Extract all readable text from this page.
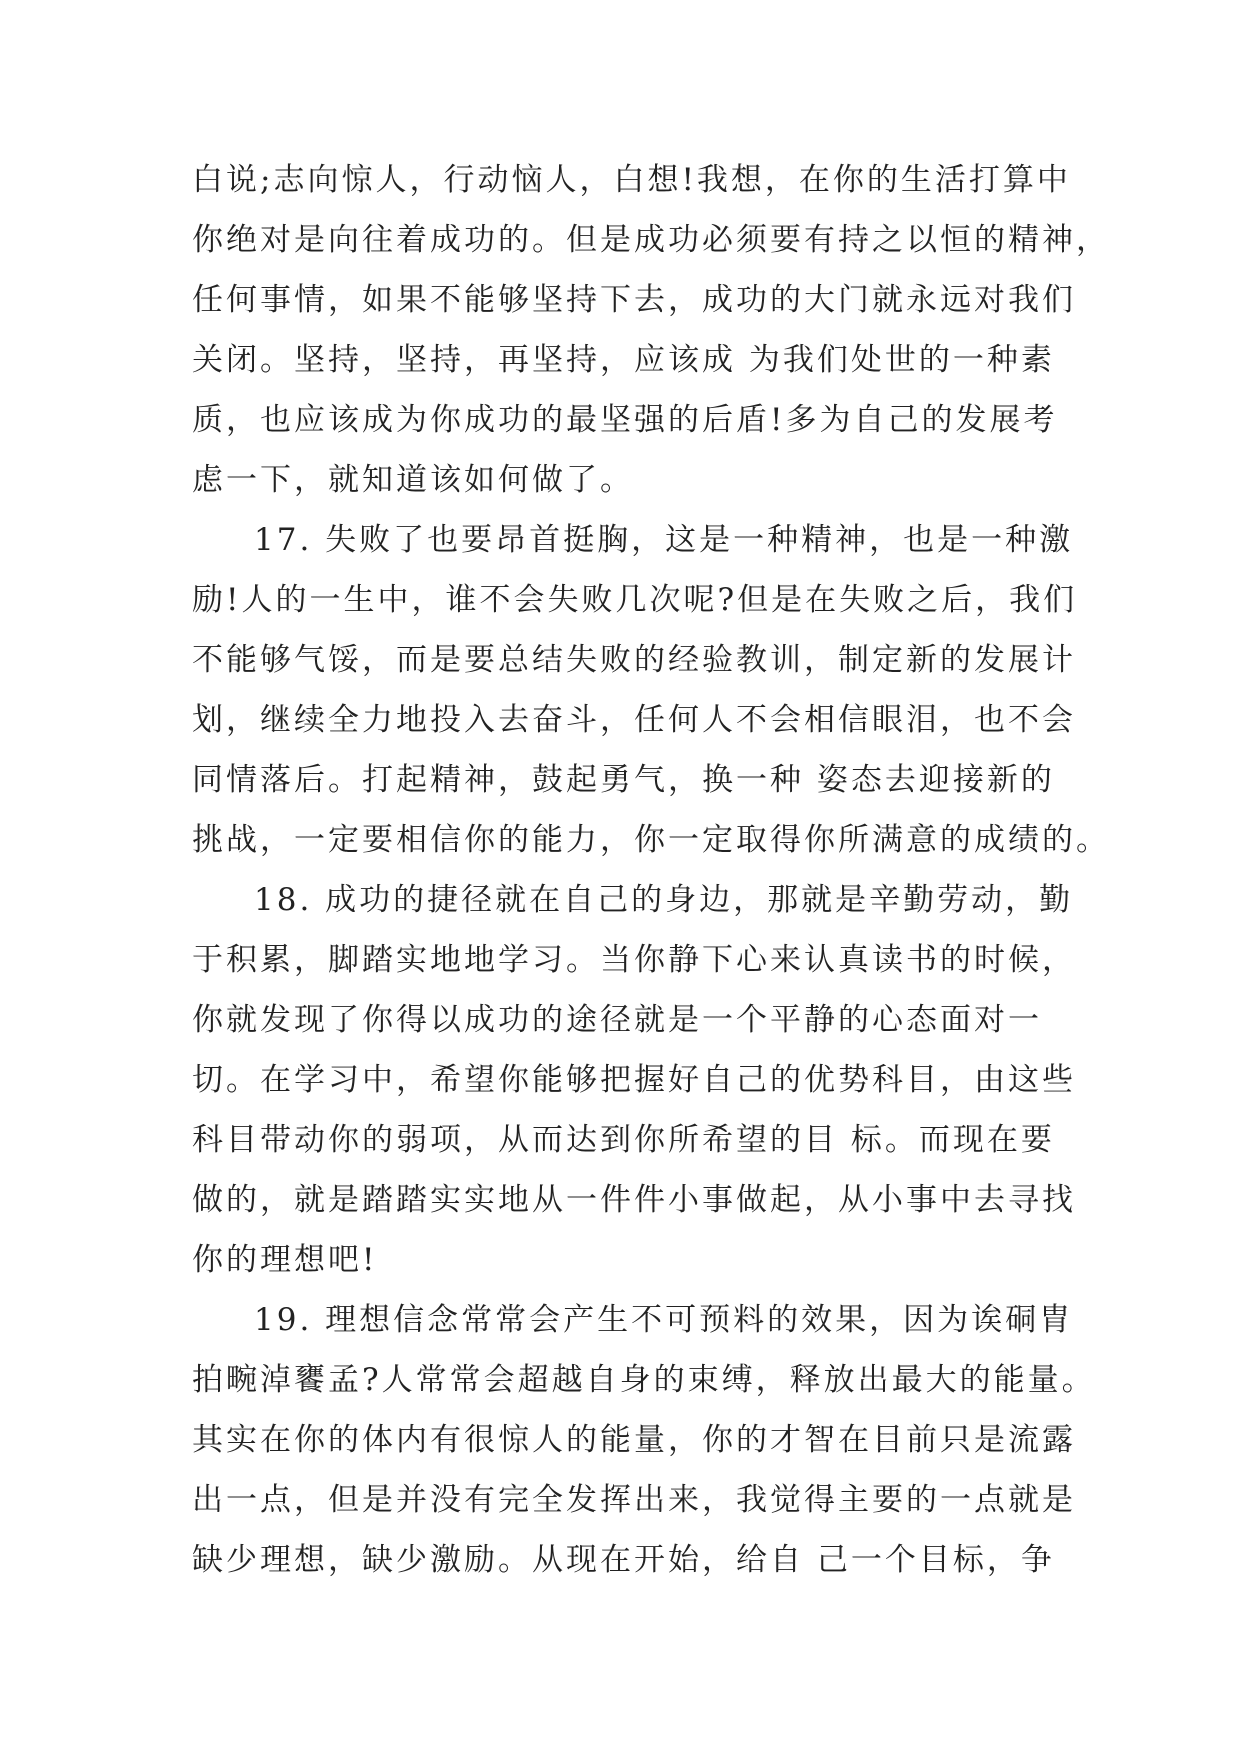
白说;志向惊人，行动恼人，白想!我想，在你的生活打算中
你绝对是向往着成功的。但是成功必须要有持之以恒的精神，
任何事情，如果不能够坚持下去，成功的大门就永远对我们
关闭。坚持，坚持，再坚持，应该成 为我们处世的一种素
质，也应该成为你成功的最坚强的后盾!多为自己的发展考
虑一下，就知道该如何做了。
17. 失败了也要昂首挺胸，这是一种精神，也是一种激
励!人的一生中，谁不会失败几次呢?但是在失败之后，我们
不能够气馁，而是要总结失败的经验教训，制定新的发展计
划，继续全力地投入去奋斗，任何人不会相信眼泪，也不会
同情落后。打起精神，鼓起勇气，换一种 姿态去迎接新的
挑战，一定要相信你的能力，你一定取得你所满意的成绩的。
18. 成功的捷径就在自己的身边，那就是辛勤劳动，勤
于积累，脚踏实地地学习。当你静下心来认真读书的时候，
你就发现了你得以成功的途径就是一个平静的心态面对一
切。在学习中，希望你能够把握好自己的优势科目，由这些
科目带动你的弱项，从而达到你所希望的目 标。而现在要
做的，就是踏踏实实地从一件件小事做起，从小事中去寻找
你的理想吧!
19. 理想信念常常会产生不可预料的效果，因为诶硐胄
拍畹淖饔孟?人常常会超越自身的束缚，释放出最大的能量。
其实在你的体内有很惊人的能量，你的才智在目前只是流露
出一点，但是并没有完全发挥出来，我觉得主要的一点就是
缺少理想，缺少激励。从现在开始，给自 己一个目标，争
